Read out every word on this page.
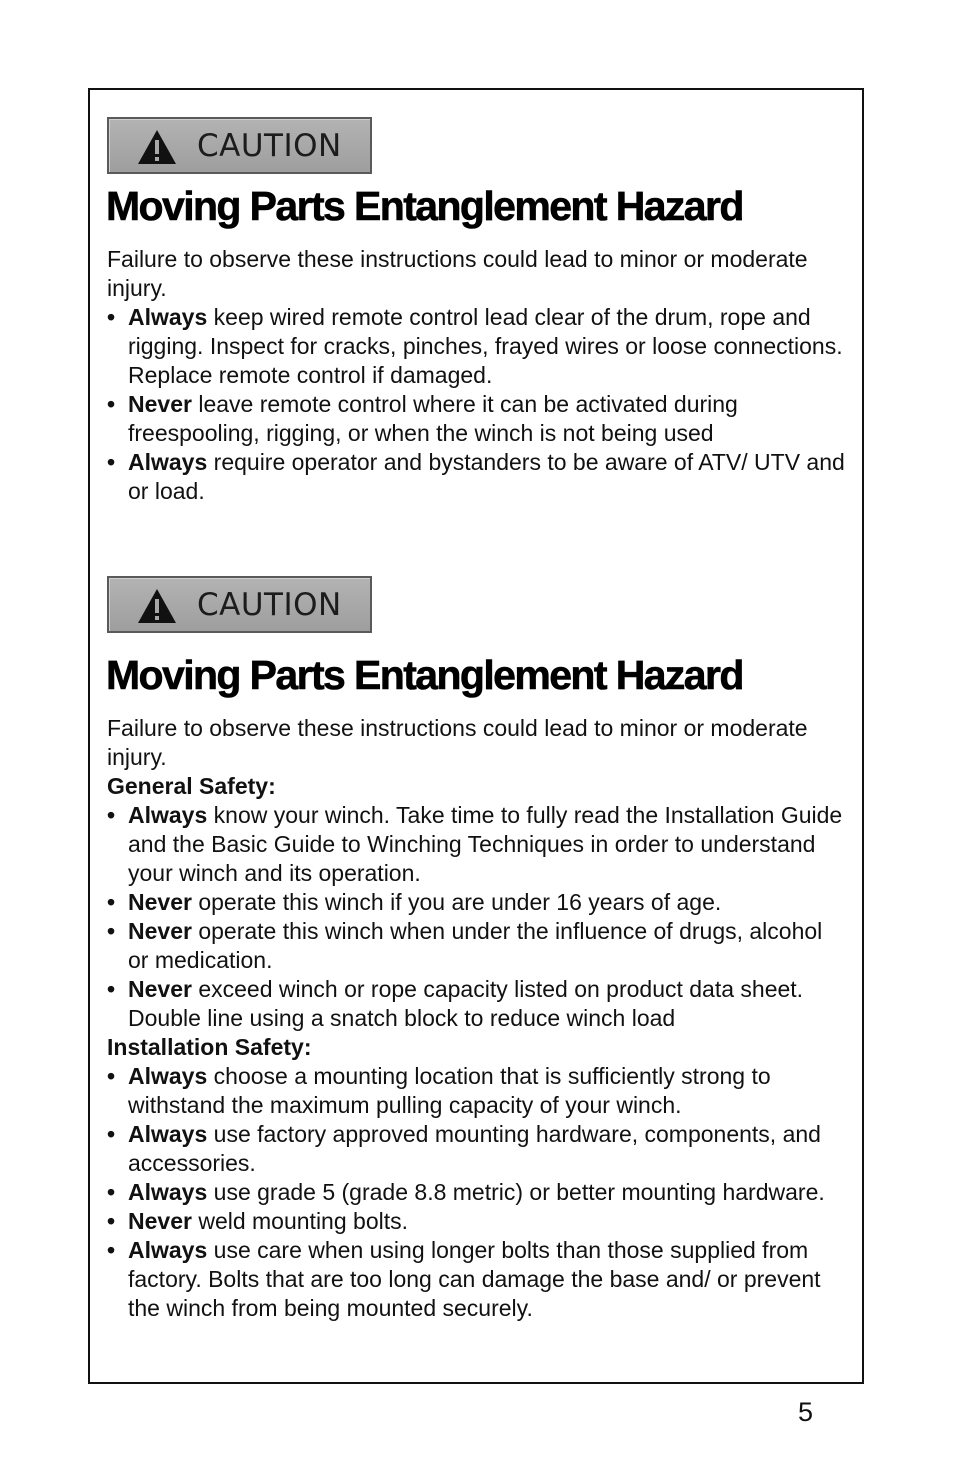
CAUTION
Moving Parts Entanglement Hazard

Failure to observe these instructions could lead to minor or moderate injury.

• Always keep wired remote control lead clear of the drum, rope and rigging. Inspect for cracks, pinches, frayed wires or loose connections. Replace remote control if damaged.
• Never leave remote control where it can be activated during freespooling, rigging, or when the winch is not being used
• Always require operator and bystanders to be aware of ATV/ UTV and or load.
CAUTION
Moving Parts Entanglement Hazard

Failure to observe these instructions could lead to minor or moderate injury.

General Safety:

• Always know your winch. Take time to fully read the Installation Guide and the Basic Guide to Winching Techniques in order to understand your winch and its operation.
• Never operate this winch if you are under 16 years of age.
• Never operate this winch when under the influence of drugs, alcohol or medication.
• Never exceed winch or rope capacity listed on product data sheet. Double line using a snatch block to reduce winch load

Installation Safety:

• Always choose a mounting location that is sufficiently strong to withstand the maximum pulling capacity of your winch.
• Always use factory approved mounting hardware, components, and accessories.
• Always use grade 5 (grade 8.8 metric) or better mounting hardware.
• Never weld mounting bolts.
• Always use care when using longer bolts than those supplied from factory. Bolts that are too long can damage the base and/ or prevent the winch from being mounted securely.
5
